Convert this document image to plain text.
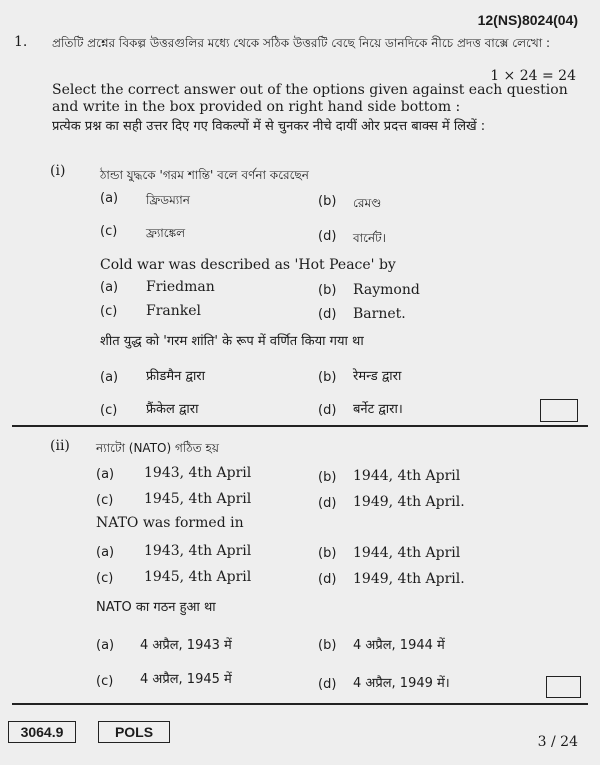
12(NS)8024(04)
1. প্রতিটি প্রশ্নের বিকল্প উত্তরগুলির মধ্যে থেকে সঠিক উত্তরটি বেছে নিয়ে ডানদিকে নীচে প্রদত্ত বাক্সে লেখো :
1 × 24 = 24
Select the correct answer out of the options given against each question and write in the box provided on right hand side bottom :
प्रत्येक प्रश्न का सही उत्तर दिए गए विकल्पों में से चुनकर नीचे दायीं ओर प्रदत्त बाक्स में लिखें :
(i)	ঠান্ডা যুদ্ধকে 'গরম শান্তি' বলে বর্ণনা করেছেন
(a) ফ্রিডম্যান	(b) রেমণ্ড
(c) ফ্র্যাঙ্কেল	(d) বার্নেট।
Cold war was described as 'Hot Peace' by
(a) Friedman	(b) Raymond
(c) Frankel	(d) Barnet.
शीत युद्ध को 'गरम शांति' के रूप में वर्णित किया गया था
(a) फ्रीडमैन द्वारा	(b) रेमन्ड द्वारा
(c) फ्रैंकेल द्वारा	(d) बर्नेट द्वारा।
(ii) ন্যাটো (NATO) গঠিত হয়
(a) 1943, 4th April	(b) 1944, 4th April
(c) 1945, 4th April	(d) 1949, 4th April.
NATO was formed in
(a) 1943, 4th April	(b) 1944, 4th April
(c) 1945, 4th April	(d) 1949, 4th April.
NATO का गठन हुआ था
(a) 4 अप्रैल, 1943 में	(b) 4 अप्रैल, 1944 में
(c) 4 अप्रैल, 1945 में	(d) 4 अप्रैल, 1949 में।
3064.9	POLS
3 / 24
